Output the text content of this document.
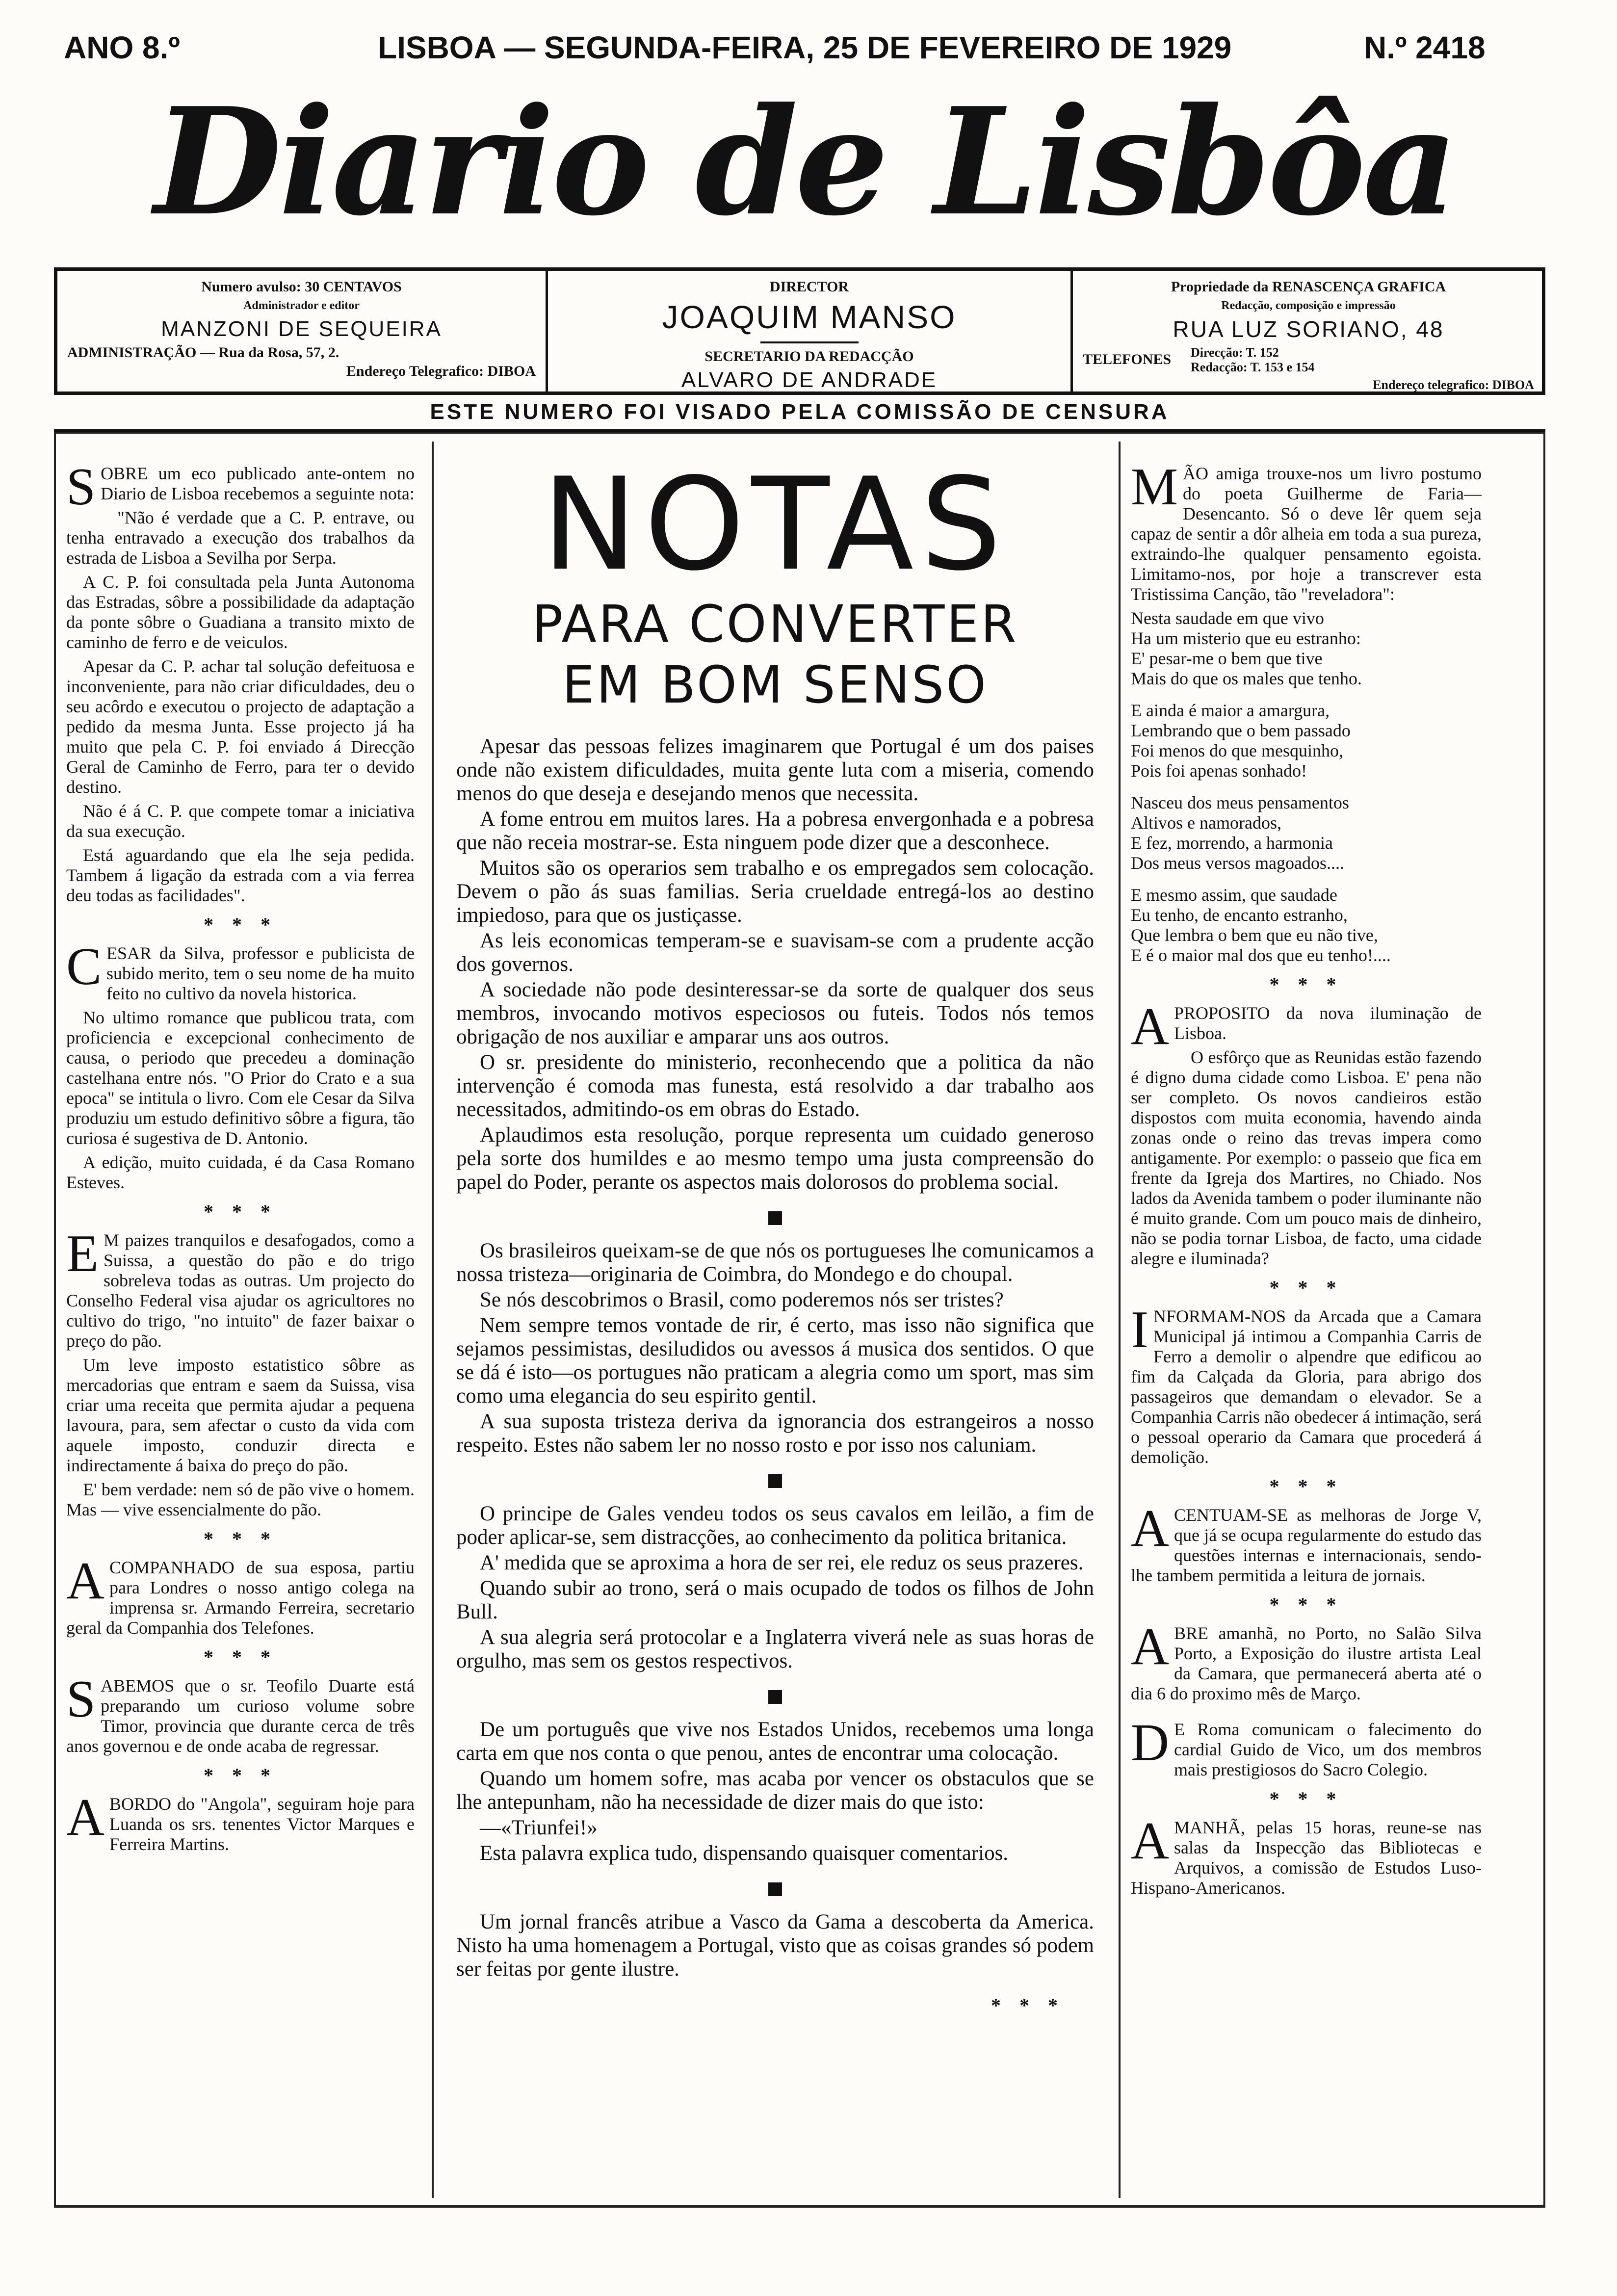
ANO 8.º	LISBOA — SEGUNDA-FEIRA, 25 DE FEVEREIRO DE 1929	N.º 2418
Diario de Lisbôa
Numero avulso: 30 CENTAVOS
Administrador e editor
MANZONI DE SEQUEIRA
ADMINISTRAÇÃO — Rua da Rosa, 57, 2.
Endereço Telegrafico: DIBOA
DIRECTOR
JOAQUIM MANSO
SECRETARIO DA REDACÇÃO
ALVARO DE ANDRADE
Propriedade da RENASCENÇA GRAFICA
Redacção, composição e impressão
RUA LUZ SORIANO, 48
TELEFONES Direcção: T. 152
Redacção: T. 153 e 154
Endereço telegrafico: DIBOA
ESTE NUMERO FOI VISADO PELA COMISSÃO DE CENSURA

SOBRE um eco publicado ante-ontem no Diario de Lisboa recebemos a seguinte nota:

"Não é verdade que a C. P. entrave, ou tenha entravado a execução dos trabalhos da estrada de Lisboa a Sevilha por Serpa.

A C. P. foi consultada pela Junta Autonoma das Estradas, sôbre a possibilidade da adaptação da ponte sôbre o Guadiana a transito mixto de caminho de ferro e de veiculos.

Apesar da C. P. achar tal solução defeituosa e inconveniente, para não criar dificuldades, deu o seu acôrdo e executou o projecto de adaptação a pedido da mesma Junta. Esse projecto já ha muito que pela C. P. foi enviado á Direcção Geral de Caminho de Ferro, para ter o devido destino.

Não é á C. P. que compete tomar a iniciativa da sua execução.

Está aguardando que ela lhe seja pedida. Tambem á ligação da estrada com a via ferrea deu todas as facilidades".

* * *

CESAR da Silva, professor e publicista de subido merito, tem o seu nome de ha muito feito no cultivo da novela historica.

No ultimo romance que publicou trata, com proficiencia e excepcional conhecimento de causa, o periodo que precedeu a dominação castelhana entre nós. "O Prior do Crato e a sua epoca" se intitula o livro. Com ele Cesar da Silva produziu um estudo definitivo sôbre a figura, tão curiosa é sugestiva de D. Antonio.

A edição, muito cuidada, é da Casa Romano Esteves.

* * *

E M paizes tranquilos e desafogados, como a Suissa, a questão do pão e do trigo sobreleva todas as outras. Um projecto do Conselho Federal visa ajudar os agricultores no cultivo do trigo, "no intuito" de fazer baixar o preço do pão.

Um leve imposto estatistico sôbre as mercadorias que entram e saem da Suissa, visa criar uma receita que permita ajudar a pequena lavoura, para, sem afectar o custo da vida com aquele imposto, conduzir directa e indirectamente á baixa do preço do pão.

E' bem verdade: nem só de pão vive o homem. Mas — vive essencialmente do pão.

* * *

ACOMPANHADO de sua esposa, partiu para Londres o nosso antigo colega na imprensa sr. Armando Ferreira, secretario geral da Companhia dos Telefones.

* * *

SABEMOS que o sr. Teofilo Duarte está preparando um curioso volume sobre Timor, provincia que durante cerca de três anos governou e de onde acaba de regressar.

* * *

ABORDO do "Angola", seguiram hoje para Luanda os srs. tenentes Victor Marques e Ferreira Martins.

NOTAS
PARA CONVERTER
EM BOM SENSO

Apesar das pessoas felizes imaginarem que Portugal é um dos paises onde não existem dificuldades, muita gente luta com a miseria, comendo menos do que deseja e desejando menos que necessita.

A fome entrou em muitos lares. Ha a pobresa envergonhada e a pobresa que não receia mostrar-se. Esta ninguem pode dizer que a desconhece.

Muitos são os operarios sem trabalho e os empregados sem colocação. Devem o pão ás suas familias. Seria crueldade entregá-los ao destino impiedoso, para que os justiçasse.

As leis economicas temperam-se e suavisam-se com a prudente acção dos governos.

A sociedade não pode desinteressar-se da sorte de qualquer dos seus membros, invocando motivos especiosos ou futeis. Todos nós temos obrigação de nos auxiliar e amparar uns aos outros.

O sr. presidente do ministerio, reconhecendo que a politica da não intervenção é comoda mas funesta, está resolvido a dar trabalho aos necessitados, admitindo-os em obras do Estado.

Aplaudimos esta resolução, porque representa um cuidado generoso pela sorte dos humildes e ao mesmo tempo uma justa compreensão do papel do Poder, perante os aspectos mais dolorosos do problema social.

Os brasileiros queixam-se de que nós os portugueses lhe comunicamos a nossa tristeza—originaria de Coimbra, do Mondego e do choupal.

Se nós descobrimos o Brasil, como poderemos nós ser tristes?

Nem sempre temos vontade de rir, é certo, mas isso não significa que sejamos pessimistas, desiludidos ou avessos á musica dos sentidos. O que se dá é isto—os portugues não praticam a alegria como um sport, mas sim como uma elegancia do seu espirito gentil.

A sua suposta tristeza deriva da ignorancia dos estrangeiros a nosso respeito. Estes não sabem ler no nosso rosto e por isso nos caluniam.

O principe de Gales vendeu todos os seus cavalos em leilão, a fim de poder aplicar-se, sem distracções, ao conhecimento da politica britanica.

A' medida que se aproxima a hora de ser rei, ele reduz os seus prazeres.

Quando subir ao trono, será o mais ocupado de todos os filhos de John Bull.

A sua alegria será protocolar e a Inglaterra viverá nele as suas horas de orgulho, mas sem os gestos respectivos.

De um português que vive nos Estados Unidos, recebemos uma longa carta em que nos conta o que penou, antes de encontrar uma colocação.

Quando um homem sofre, mas acaba por vencer os obstaculos que se lhe antepunham, não ha necessidade de dizer mais do que isto:

—«Triunfei!»

Esta palavra explica tudo, dispensando quaisquer comentarios.

Um jornal francês atribue a Vasco da Gama a descoberta da America. Nisto ha uma homenagem a Portugal, visto que as coisas grandes só podem ser feitas por gente ilustre.

* * *

MÃO amiga trouxe-nos um livro postumo do poeta Guilherme de Faria—Desencanto. Só o deve lêr quem seja capaz de sentir a dôr alheia em toda a sua pureza, extraindo-lhe qualquer pensamento egoista. Limitamo-nos, por hoje a transcrever esta Tristissima Canção, tão "reveladora":

Nesta saudade em que vivo

Ha um misterio que eu estranho:

E' pesar-me o bem que tive

Mais do que os males que tenho.

E ainda é maior a amargura,

Lembrando que o bem passado

Foi menos do que mesquinho,

Pois foi apenas sonhado!

Nasceu dos meus pensamentos

Altivos e namorados,

E fez, morrendo, a harmonia

Dos meus versos magoados....

E mesmo assim, que saudade

Eu tenho, de encanto estranho,

Que lembra o bem que eu não tive,

E é o maior mal dos que eu tenho!....

* * *

APROPOSITO da nova iluminação de Lisboa.

O esfôrço que as Reunidas estão fazendo é digno duma cidade como Lisboa. E' pena não ser completo. Os novos candieiros estão dispostos com muita economia, havendo ainda zonas onde o reino das trevas impera como antigamente. Por exemplo: o passeio que fica em frente da Igreja dos Martires, no Chiado. Nos lados da Avenida tambem o poder iluminante não é muito grande. Com um pouco mais de dinheiro, não se podia tornar Lisboa, de facto, uma cidade alegre e iluminada?

* * *

INFORMAM-NOS da Arcada que a Camara Municipal já intimou a Companhia Carris de Ferro a demolir o alpendre que edificou ao fim da Calçada da Gloria, para abrigo dos passageiros que demandam o elevador. Se a Companhia Carris não obedecer á intimação, será o pessoal operario da Camara que procederá á demolição.

* * *

ACENTUAM-SE as melhoras de Jorge V, que já se ocupa regularmente do estudo das questões internas e internacionais, sendo-lhe tambem permitida a leitura de jornais.

* * *

ABRE amanhã, no Porto, no Salão Silva Porto, a Exposição do ilustre artista Leal da Camara, que permanecerá aberta até o dia 6 do proximo mês de Março.

D E Roma comunicam o falecimento do cardial Guido de Vico, um dos membros mais prestigiosos do Sacro Colegio.

* * *

AMANHÃ, pelas 15 horas, reune-se nas salas da Inspecção das Bibliotecas e Arquivos, a comissão de Estudos Luso-Hispano-Americanos.
